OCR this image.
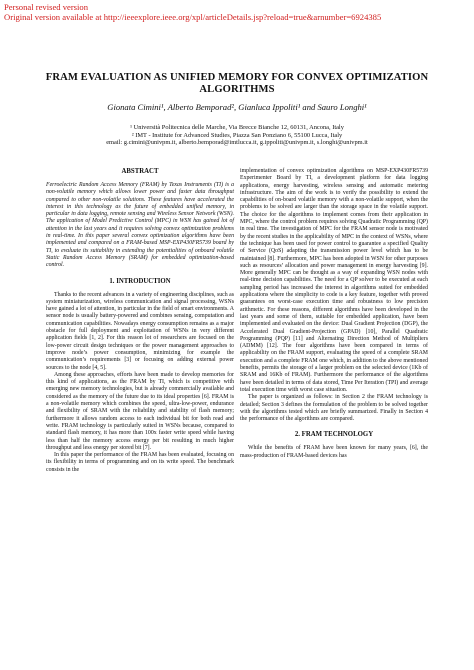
Personal revised version
Original version available at http://ieeexplore.ieee.org/xpl/articleDetails.jsp?reload=true&arnumber=6924385
FRAM EVALUATION AS UNIFIED MEMORY FOR CONVEX OPTIMIZATION
ALGORITHMS
Gionata Cimini¹, Alberto Bemporad², Gianluca Ippoliti¹ and Sauro Longhi¹
¹ Università Politecnica delle Marche, Via Brecce Bianche 12, 60131, Ancona, Italy
² IMT - Institute for Advanced Studies, Piazza San Ponziano 6, 55100 Lucca, Italy
email: g.cimini@univpm.it, alberto.bemporad@imtlucca.it, g.ippoliti@univpm.it, s.longhi@univpm.it
ABSTRACT

Ferroelectric Random Access Memory (FRAM) by Texas Instruments (TI) is a non-volatile memory which allows lower power and faster data throughput compared to other non-volatile solutions. These features have accelerated the interest in this technology as the future of embedded unified memory, in particular in data logging, remote sensing and Wireless Sensor Network (WSN). The application of Model Predictive Control (MPC) in WSN has gained lot of attention in the last years and it requires solving convex optimization problems in real-time. In this paper several convex optimization algorithms have been implemented and compared on a FRAM-based MSP-EXP430FR5739 board by TI, to evaluate its suitability in extending the potentialities of onboard volatile Static Random Access Memory (SRAM) for embedded optimization-based control.

1. INTRODUCTION

Thanks to the recent advances in a variety of engineering disciplines, such as system miniaturization, wireless communication and signal processing, WSNs have gained a lot of attention, in particular in the field of smart environments. A sensor node is usually battery-powered and combines sensing, computation and communication capabilities. Nowadays energy consumption remains as a major obstacle for full deployment and exploitation of WSNs in very different application fields [1, 2]. For this reason lot of researchers are focused on the low-power circuit design techniques or the power management approaches to improve node’s power consumption, minimizing for example the communication’s requirements [3] or focusing on adding external power sources to the node [4, 5].

Among these approaches, efforts have been made to develop memories for this kind of applications, as the FRAM by TI, which is competitive with emerging new memory technologies, but is already commercially available and considered as the memory of the future due to its ideal properties [6]. FRAM is a non-volatile memory which combines the speed, ultra-low-power, endurance and flexibility of SRAM with the reliability and stability of flash memory; furthermore it allows random access to each individual bit for both read and write. FRAM technology is particularly suited in WSNs because, compared to standard flash memory, it has more than 100x faster write speed while having less than half the memory access energy per bit resulting in much higher throughput and less energy per stored bit [7].

In this paper the performance of the FRAM has been evaluated, focusing on its flexibility in terms of programming and on its write speed. The benchmark consists in the

implementation of convex optimization algorithms on MSP-EXP430FR5739 Experimenter Board by TI, a development platform for data logging applications, energy harvesting, wireless sensing and automatic metering infrastructure. The aim of the work is to verify the possibility to extend the capabilities of on-board volatile memory with a non-volatile support, when the problems to be solved are larger than the storage space in the volatile support. The choice for the algorithms to implement comes from their application in MPC, where the control problem requires solving Quadratic Programming (QP) in real time. The investigation of MPC for the FRAM sensor node is motivated by the recent studies in the applicability of MPC in the context of WSNs, where the technique has been used for power control to guarantee a specified Quality of Service (QoS) adapting the transmission power level which has to be maintained [8]. Furthermore, MPC has been adopted in WSN for other purposes such as resources’ allocation and power management in energy harvesting [9]. More generally MPC can be thought as a way of expanding WSN nodes with real-time decision capabilities. The need for a QP solver to be executed at each sampling period has increased the interest in algorithms suited for embedded applications where the simplicity to code is a key feature, together with proved guarantees on worst-case execution time and robustness to low precision arithmetic. For these reasons, different algorithms have been developed in the last years and some of them, suitable for embedded application, have been implemented and evaluated on the device: Dual Gradient Projection (DGP), the Accelerated Dual Gradient-Projection (GPAD) [10], Parallel Quadratic Programming (PQP) [11] and Alternating Direction Method of Multipliers (ADMM) [12]. The four algorithms have been compared in terms of applicability on the FRAM support, evaluating the speed of a complete SRAM execution and a complete FRAM one which, in addition to the above mentioned benefits, permits the storage of a larger problem on the selected device (1Kb of SRAM and 16Kb of FRAM). Furthermore the performance of the algorithms have been detailed in terms of data stored, Time Per Iteration (TPI) and average total execution time with worst case situation.

The paper is organized as follows: in Section 2 the FRAM technology is detailed; Section 3 defines the formulation of the problem to be solved together with the algorithms tested which are briefly summarized. Finally in Section 4 the performance of the algorithms are compared.

2. FRAM TECHNOLOGY

While the benefits of FRAM have been known for many years, [6], the mass-production of FRAM-based devices has
